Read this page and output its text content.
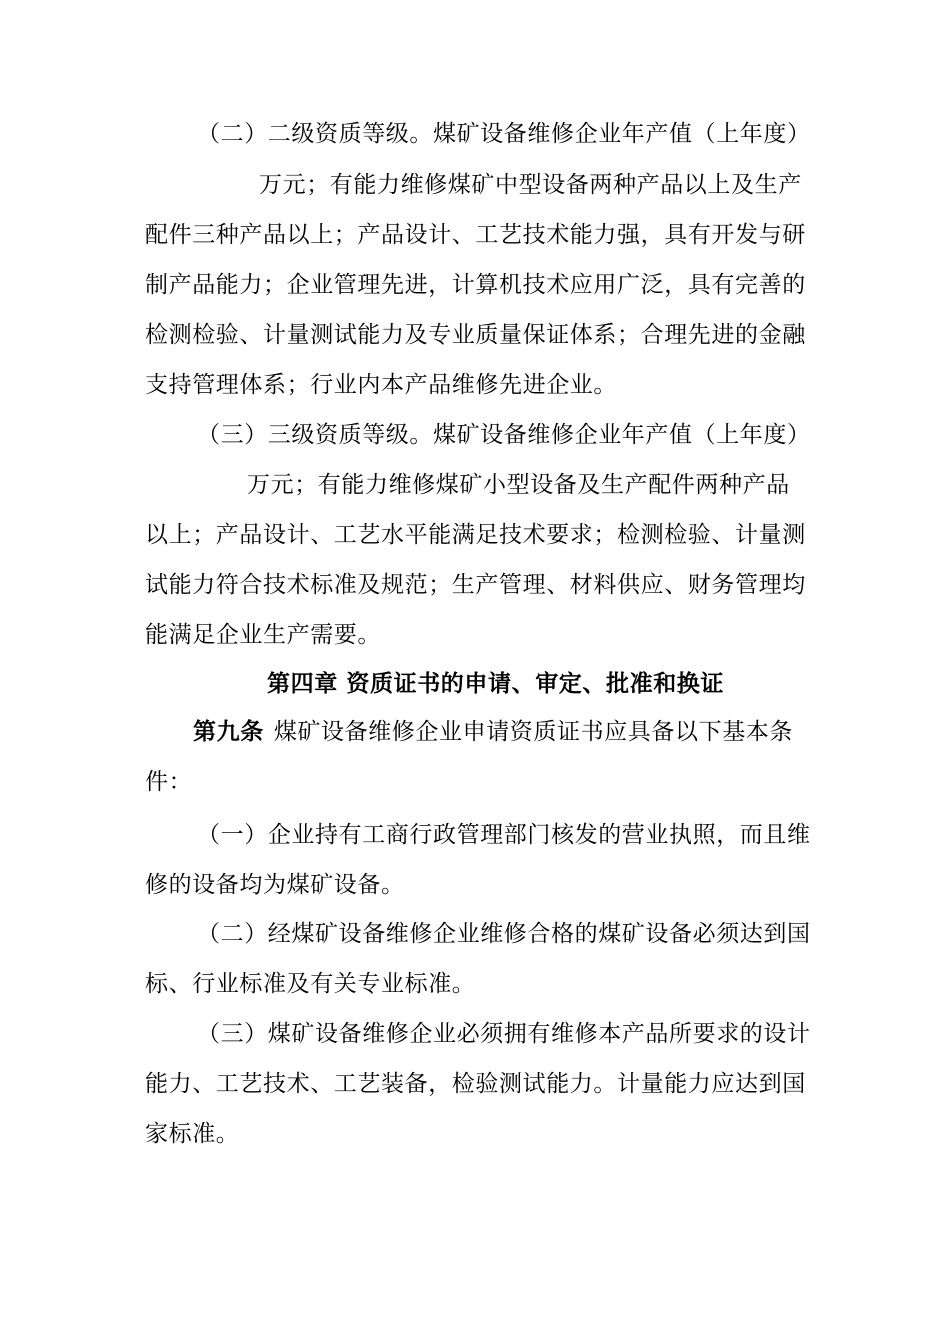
（二）二级资质等级。煤矿设备维修企业年产值（上年度）
万元；有能力维修煤矿中型设备两种产品以上及生产
配件三种产品以上；产品设计、工艺技术能力强，具有开发与研
制产品能力；企业管理先进，计算机技术应用广泛，具有完善的
检测检验、计量测试能力及专业质量保证体系；合理先进的金融
支持管理体系；行业内本产品维修先进企业。
（三）三级资质等级。煤矿设备维修企业年产值（上年度）
万元；有能力维修煤矿小型设备及生产配件两种产品
以上；产品设计、工艺水平能满足技术要求；检测检验、计量测
试能力符合技术标准及规范；生产管理、材料供应、财务管理均
能满足企业生产需要。
第四章 资质证书的申请、审定、批准和换证
第九条 煤矿设备维修企业申请资质证书应具备以下基本条
件：
（一）企业持有工商行政管理部门核发的营业执照，而且维
修的设备均为煤矿设备。
（二）经煤矿设备维修企业维修合格的煤矿设备必须达到国
标、行业标准及有关专业标准。
（三）煤矿设备维修企业必须拥有维修本产品所要求的设计
能力、工艺技术、工艺装备，检验测试能力。计量能力应达到国
家标准。
